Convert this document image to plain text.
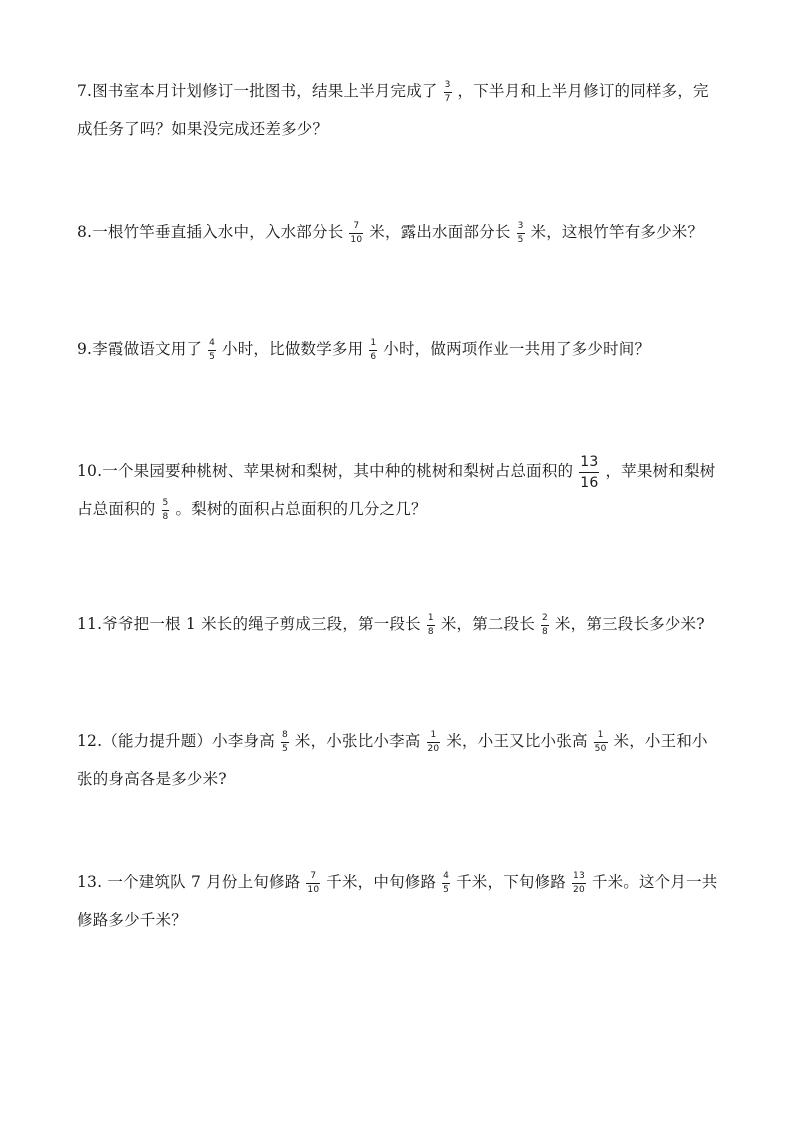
7.图书室本月计划修订一批图书，结果上半月完成了 $\frac{3}{7}$ ，下半月和上半月修订的同样多，完
成任务了吗？如果没完成还差多少？
8.一根竹竿垂直插入水中，入水部分长 $\frac{7}{10}$ 米，露出水面部分长 $\frac{3}{5}$ 米，这根竹竿有多少米？
9.李霞做语文用了 $\frac{4}{5}$ 小时，比做数学多用 $\frac{1}{6}$ 小时，做两项作业一共用了多少时间？
10.一个果园要种桃树、苹果树和梨树，其中种的桃树和梨树占总面积的 $\frac{13}{16}$ ，苹果树和梨树
占总面积的 $\frac{5}{8}$ 。梨树的面积占总面积的几分之几？
11.爷爷把一根 1 米长的绳子剪成三段，第一段长 $\frac{1}{8}$ 米，第二段长 $\frac{2}{8}$ 米，第三段长多少米?
12.（能力提升题）小李身高 $\frac{8}{5}$ 米，小张比小李高 $\frac{1}{20}$ 米，小王又比小张高 $\frac{1}{50}$ 米，小王和小
张的身高各是多少米?
13. 一个建筑队 7 月份上旬修路 $\frac{7}{10}$ 千米，中旬修路 $\frac{4}{5}$ 千米，下旬修路 $\frac{13}{20}$ 千米。这个月一共
修路多少千米？
